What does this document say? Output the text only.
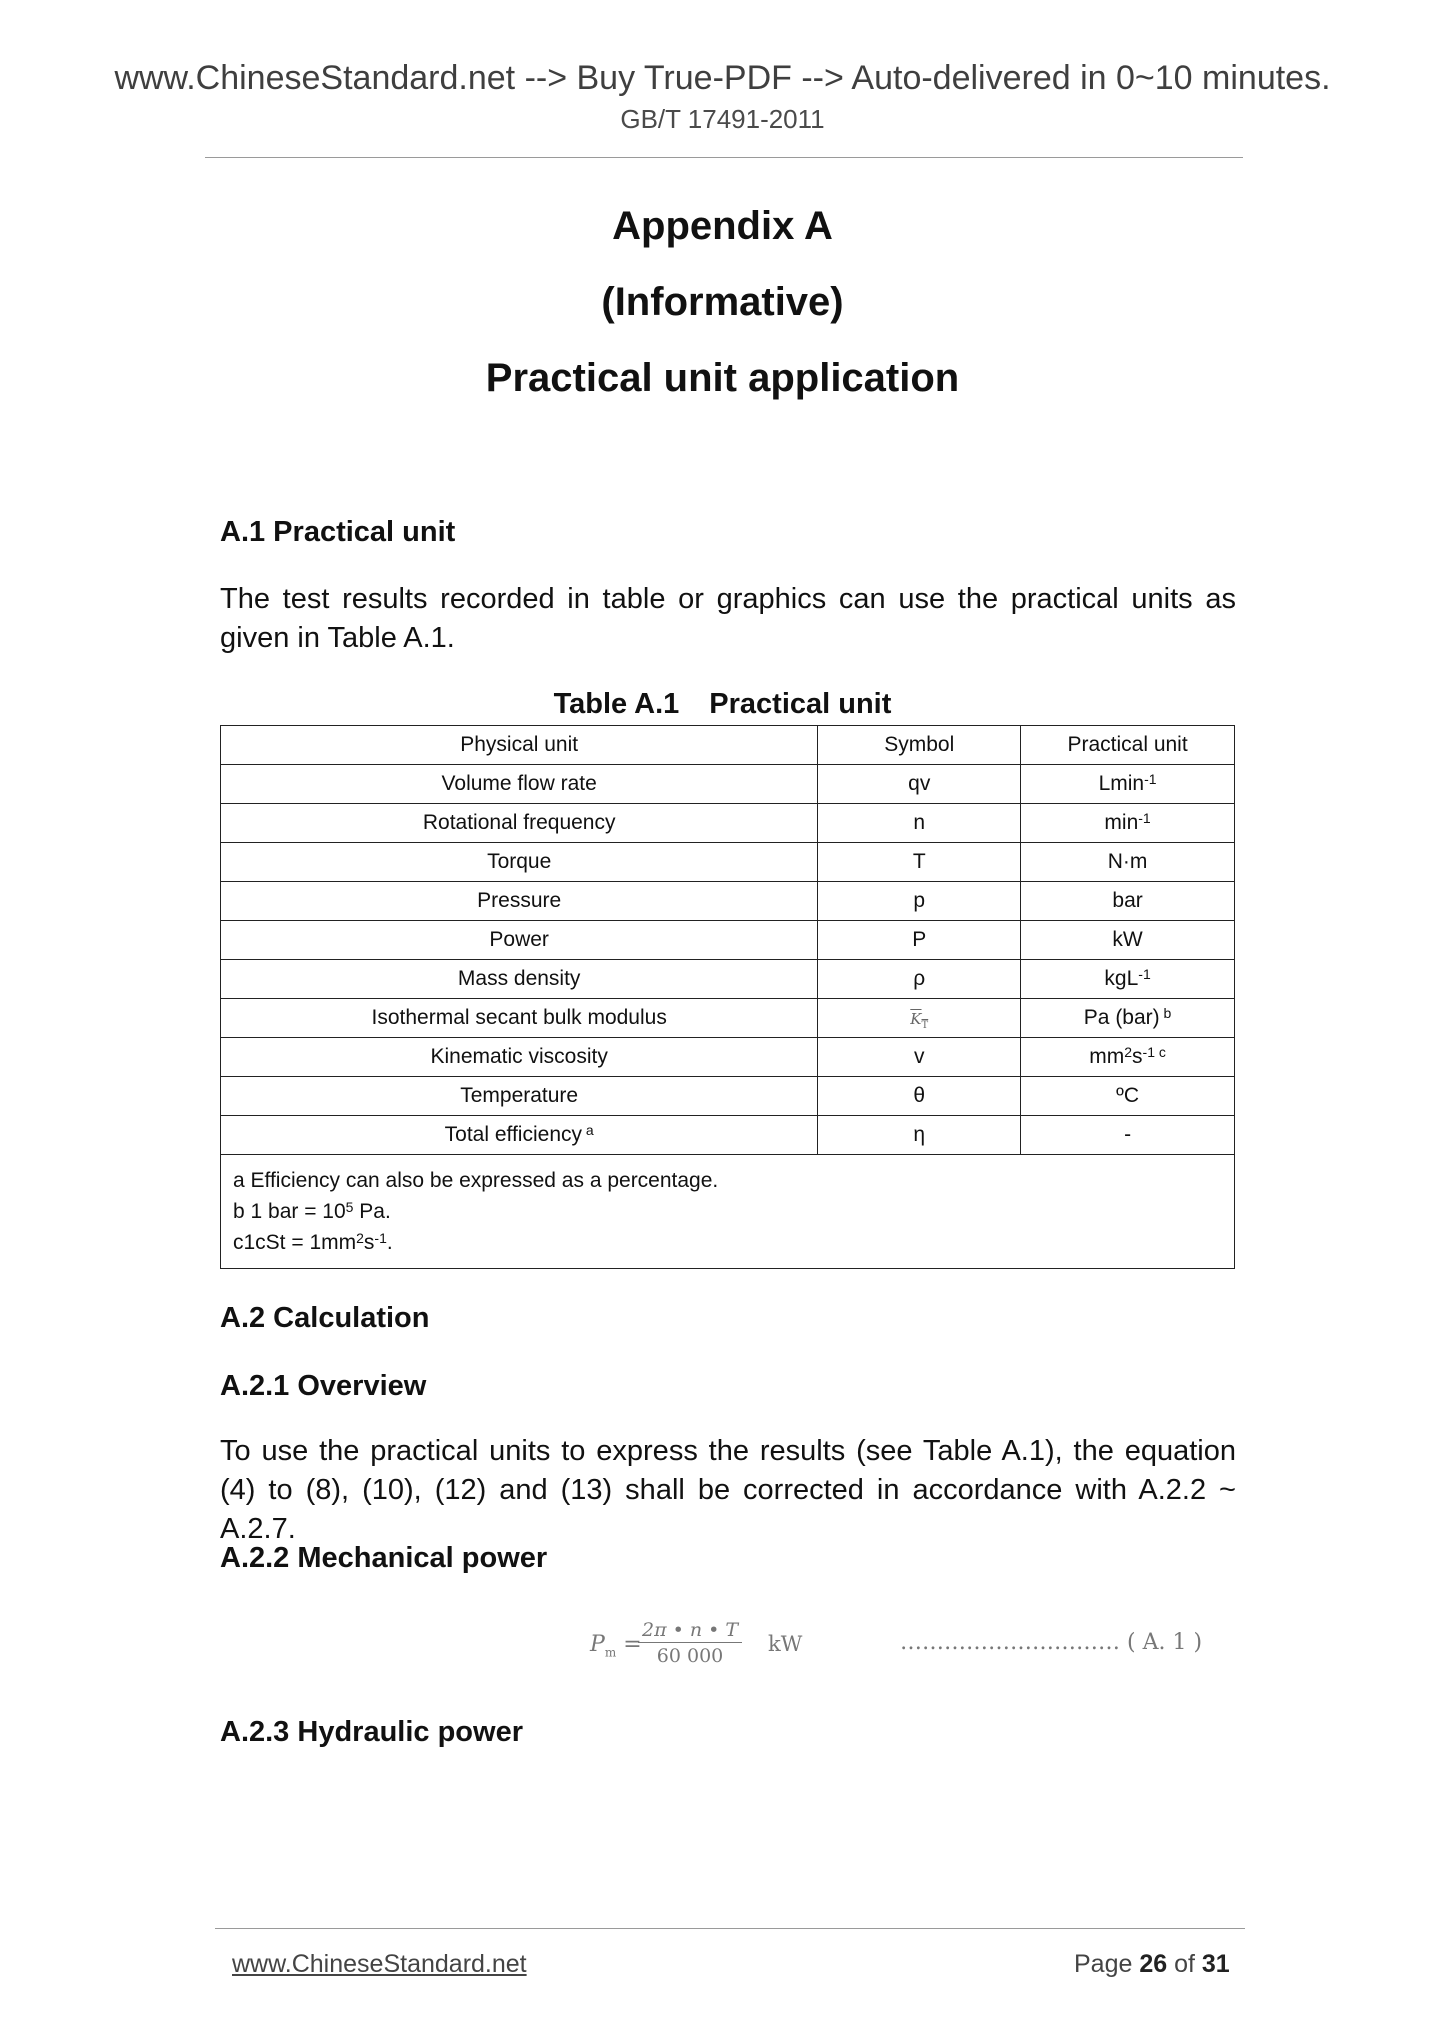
www.ChineseStandard.net --> Buy True-PDF --> Auto-delivered in 0~10 minutes.
GB/T 17491-2011
Appendix A
(Informative)
Practical unit application
A.1 Practical unit
The test results recorded in table or graphics can use the practical units as given in Table A.1.
Table A.1 Practical unit
Physical unit	Symbol	Practical unit
Volume flow rate	qv	Lmin$^{-1}$
Rotational frequency	n	$\min^{-1}$
Torque	T	N·m
Pressure	p	bar
Power	P	kW
Mass density	ρ	kgL$^{-1}$
Isothermal secant bulk modulus	$K_T$	Pa (bar) $^b$
Kinematic viscosity	v	$mm^2s^{-1 c}$
Temperature	θ	ºC
Total efficiency $^a$	η	-

a Efficiency can also be expressed as a percentage.
b 1 bar = $10^5$ Pa.
$c1cSt = 1mm^2s^{-1}$.		
A.2 Calculation
A.2.1 Overview
To use the practical units to express the results (see Table A.1), the equation (4) to (8), (10), (12) and (13) shall be corrected in accordance with A.2.2 ~ A.2.7.
A.2.2 Mechanical power
$P_m$ =
$\frac{2\pi • n • T}{60 000}$ kW	………………………… ( A. 1 )
A.2.3 Hydraulic power
www.ChineseStandard.net	Page 26 of 31
